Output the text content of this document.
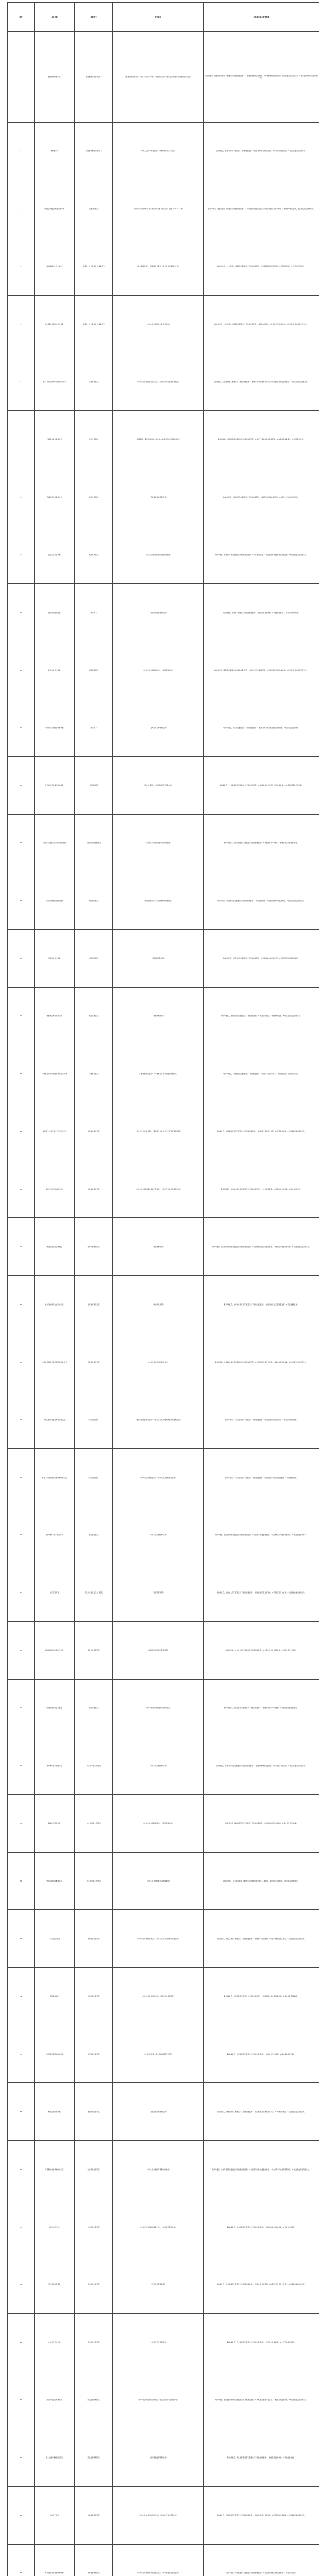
序号	项目名称	审批部门	设定依据	加强事中事后监管措施
1	粮食收购资格认定	县级粮食行政管理部门	《粮食流通管理条例》（国务院令第407号）；《国务院关于第六批取消和调整行政审批项目的决定》	取消审批后，粮食行政管理部门要通过以下措施加强监管：1.加强粮食收购备案管理。2.开展粮食收购监督检查，依法查处违法违规行为。3.建立粮食收购企业信用档案。
2	养蜂业许可	省级畜牧兽医主管部门	《中华人民共和国畜牧法》；《养蜂管理办法（试行）》	取消审批后，农业农村部门要通过以下措施加强监管：1.加强对养蜂业的指导服务。2.开展日常监督检查。3.依法查处违法违规行为。
3	外商投资道路运输业立项审批	交通运输部门	《国务院关于取消和下放一批行政许可事项的决定》（国发〔2019〕6号）	取消审批后，交通运输部门要通过以下措施加强监管：1.对外商投资道路运输企业与内资企业实行同等管理。2.加强事中事后监管，依法查处违法违规行为。
4	就业训练中心设立审批	县级以上人力资源社会保障部门	《就业训练规定》；《国务院关于取消一批行政许可事项的决定》	取消审批后，人力资源社会保障部门要通过以下措施加强监管：1.加强职业培训机构管理。2.开展监督检查，公开培训质量信息。
5	民办职业培训学校设立审批	县级以上人力资源社会保障部门	《中华人民共和国民办教育促进法》	取消审批后，人力资源社会保障部门要通过以下措施加强监管：1.制定办学标准。2.开展年度检查和评估。3.依法查处违法违规办学行为。
6	生产、销售特种劳动防护用品许可	应急管理部门	《中华人民共和国安全生产法》；《劳动防护用品监督管理规定》	取消审批后，应急管理部门要通过以下措施加强监管：1.加强对生产经营单位劳动防护用品配备使用的监督检查。2.依法查处违法违规行为。
7	工程咨询单位资格认定	发展改革部门	《国务院关于第三批取消中央指定地方实施行政许可事项的决定》	取消审批后，发展改革部门要通过以下措施加强监管：1.实行工程咨询单位备案管理。2.加强信用体系建设。3.开展随机抽查。
8	价格鉴证机构资质认定	价格主管部门	《价格鉴证机构管理规定》	取消审批后，价格主管部门要通过以下措施加强监管：1.制定价格鉴证执业规范。2.加强行业自律和监督检查。
9	企业投资项目核准	发展改革部门	《企业投资项目核准和备案管理条例》	取消审批后，发展改革部门要通过以下措施加强监管：1.实行备案管理。2.通过在线平台加强项目信息监测。3.依法查处违法违规行为。
10	商业特许经营备案	商务部门	《商业特许经营管理条例》	取消审批后，商务部门要通过以下措施加强监管：1.加强信息披露管理。2.开展监督检查。3.建立投诉举报机制。
11	拍卖企业设立审批	省级商务部门	《中华人民共和国拍卖法》；《拍卖管理办法》	取消审批后，商务部门要通过以下措施加强监管：1.实行拍卖企业备案管理。2.加强行业监管和监督检查。3.依法查处违法违规经营行为。
12	对外劳务合作经营资格核准	商务部门	《对外劳务合作管理条例》	取消审批后，商务部门要通过以下措施加强监管：1.加强对外劳务合作企业的备案管理。2.建立风险处置机制。
13	旅行社经营边境游资格审批	文化和旅游部门	《旅行社条例》；《边境旅游暂行管理办法》	取消审批后，文化和旅游部门要通过以下措施加强监管：1.加强对旅行社经营行为的监督检查。2.完善旅游投诉处理机制。
14	互联网上网服务营业场所筹建审批	县级文化和旅游部门	《互联网上网服务营业场所管理条例》	取消审批后，文化和旅游部门要通过以下措施加强监管：1.严格经营许可条件。2.加强日常巡查和技术监管。
15	设立出版物批发单位审批	新闻出版部门	《出版管理条例》；《出版物市场管理规定》	取消审批后，新闻出版部门要通过以下措施加强监管：1.实行备案管理。2.加强出版物市场监督检查。3.依法查处违法违规行为。
16	印刷企业设立审批	出版行政部门	《印刷业管理条例》	取消审批后，出版行政部门要通过以下措施加强监管：1.加强印刷企业日常监管。2.开展专项检查和随机抽查。
17	电影发行单位设立审批	电影主管部门	《电影管理条例》	取消审批后，电影主管部门要通过以下措施加强监管：1.建立备案制度。2.加强市场监管。3.依法查处违法违规行为。
18	广播电视节目制作经营单位设立审批	广播电视部门	《广播电视管理条例》；《广播电视节目制作经营管理规定》	取消审批后，广播电视部门要通过以下措施加强监管：1.加强节目内容审查。2.开展监督检查，建立信用记录。
19	建筑施工企业安全生产许可证核发	住房城乡建设部门	《安全生产许可证条例》；《建筑施工企业安全生产许可证管理规定》	取消审批后，住房城乡建设部门要通过以下措施加强监管：1.加强施工现场安全监管。2.开展随机抽查。3.依法查处违法违规行为。
20	房地产估价机构资质核准	住房城乡建设部门	《中华人民共和国城市房地产管理法》；《房地产估价机构管理办法》	取消审批后，住房城乡建设部门要通过以下措施加强监管：1.实行备案管理。2.加强执业行为监管。3.建立信用档案。
21	物业服务企业资质核定	住房城乡建设部门	《物业管理条例》	取消审批后，住房城乡建设部门要通过以下措施加强监管：1.加强物业服务企业信用管理。2.建立服务质量评价机制。3.依法查处违法违规行为。
22	城市园林绿化企业资质核准	住房城乡建设部门	《城市绿化条例》	取消审批后，住房城乡建设部门要通过以下措施加强监管：1.加强园林绿化工程质量监管。2.开展监督检查。
23	工程建设项目招标代理机构资格认定	住房城乡建设部门	《中华人民共和国招标投标法》	取消审批后，住房城乡建设部门要通过以下措施加强监管：1.加强招标代理行为监管。2.建立信用评价体系。3.依法查处违法违规行为。
24	水利工程建设监理单位资质认定	水行政主管部门	《建设工程质量管理条例》；《水利工程建设监理单位资质管理办法》	取消审批后，水行政主管部门要通过以下措施加强监管：1.加强监理活动监督检查。2.建立信用管理制度。
25	水文、水资源调查评价机构资质认定	水行政主管部门	《中华人民共和国水法》；《中华人民共和国水文条例》	取消审批后，水行政主管部门要通过以下措施加强监管：1.加强调查评价成果质量监管。2.开展随机抽查。
26	农作物种子生产经营许可	农业农村部门	《中华人民共和国种子法》	取消审批后，农业农村部门要通过以下措施加强监管：1.加强种子质量监督抽查。2.建立种子生产经营备案制度。3.依法查处假劣种子。
27	兽药经营许可	县级以上畜牧兽医主管部门	《兽药管理条例》	取消审批后，农业农村部门要通过以下措施加强监管：1.加强兽药质量监督抽检。2.开展经营行为检查。3.依法查处违法违规行为。
28	饲料和饲料添加剂生产许可	省级饲料管理部门	《饲料和饲料添加剂管理条例》	取消审批后，农业农村部门要通过以下措施加强监管：1.加强生产企业日常监管。2.开展质量安全监测。
29	渔业船舶船员证书核发	渔业主管部门	《中华人民共和国渔业船员管理办法》	取消审批后，渔业主管部门要通过以下措施加强监管：1.加强船员培训考试管理。2.开展渔业船舶安全检查。
30	林木种子生产经营许可	林业和草原主管部门	《中华人民共和国种子法》	取消审批后，林业和草原部门要通过以下措施加强监管：1.加强林木种子质量检验。2.开展生产经营检查。3.依法查处违法违规行为。
31	草种生产经营许可	林业和草原主管部门	《中华人民共和国草原法》；《草种管理办法》	取消审批后，林业和草原部门要通过以下措施加强监管：1.加强草种质量监督抽查。2.建立生产经营档案。
32	野生动物驯养繁殖许可	林业和草原主管部门	《中华人民共和国野生动物保护法》	取消审批后，林业和草原部门要通过以下措施加强监管：1.加强人工繁育场所监督检查。2.建立标识溯源制度。
33	木材运输证核发	县级林业主管部门	《中华人民共和国森林法》；《中华人民共和国森林法实施条例》	取消审批后，林业主管部门要通过以下措施加强监管：1.加强林木采伐管理。2.开展木材经营加工检查。3.依法查处违法违规行为。
34	测绘资质审批	自然资源主管部门	《中华人民共和国测绘法》；《测绘资质管理规定》	取消审批后，自然资源部门要通过以下措施加强监管：1.加强测绘成果质量监督检查。2.建立信用管理制度。
35	土地登记代理机构资格认定	自然资源主管部门	《土地登记代理人职业资格制度暂行规定》	取消审批后，自然资源部门要通过以下措施加强监管：1.加强执业行为监管。2.建立投诉举报机制。
36	地质勘查资质审批	自然资源主管部门	《地质勘查资质管理条例》	取消审批后，自然资源部门要通过以下措施加强监管：1.实行地质勘查单位信息公示。2.开展随机抽查。3.依法查处违法违规行为。
37	环境影响评价机构资质认定	生态环境主管部门	《中华人民共和国环境影响评价法》	取消审批后，生态环境部门要通过以下措施加强监管：1.加强环评文件质量监督检查。2.建立环评单位信用管理制度。3.依法查处弄虚作假行为。
38	排污许可证核发	生态环境主管部门	《中华人民共和国环境保护法》；《排污许可管理办法》	取消审批后，生态环境部门要通过以下措施加强监管：1.加强排污单位执法检查。2.开展在线监测。
39	医疗机构设置审批	卫生健康主管部门	《医疗机构管理条例》	取消审批后，卫生健康部门要通过以下措施加强监管：1.严格执业登记管理。2.加强医疗质量安全监管。3.依法查处违法执业行为。
40	公共场所卫生许可	卫生健康主管部门	《公共场所卫生管理条例》	取消审批后，卫生健康部门要通过以下措施加强监管：1.开展卫生监督检查。2.公开卫生信用信息。
41	药品零售企业筹建审批	药品监督管理部门	《中华人民共和国药品管理法》；《药品经营许可证管理办法》	取消审批后，药品监督管理部门要通过以下措施加强监管：1.严格药品经营许可条件。2.加强日常监督检查。3.依法查处违法违规行为。
42	第二类医疗器械经营备案	药品监督管理部门	《医疗器械监督管理条例》	取消审批后，药品监督管理部门要通过以下措施加强监管：1.加强备案信息核查。2.开展监督抽检。
43	食品生产许可	市场监督管理部门	《中华人民共和国食品安全法》；《食品生产许可管理办法》	取消审批后，市场监管部门要通过以下措施加强监管：1.加强食品安全监督抽检。2.开展风险分级管理。3.依法查处违法违规行为。
44	特种设备检验检测机构核准	市场监督管理部门	《中华人民共和国特种设备安全法》；《特种设备安全监察条例》	取消审批后，市场监管部门要通过以下措施加强监管：1.加强检验检测工作质量监督。2.建立信用记录。
